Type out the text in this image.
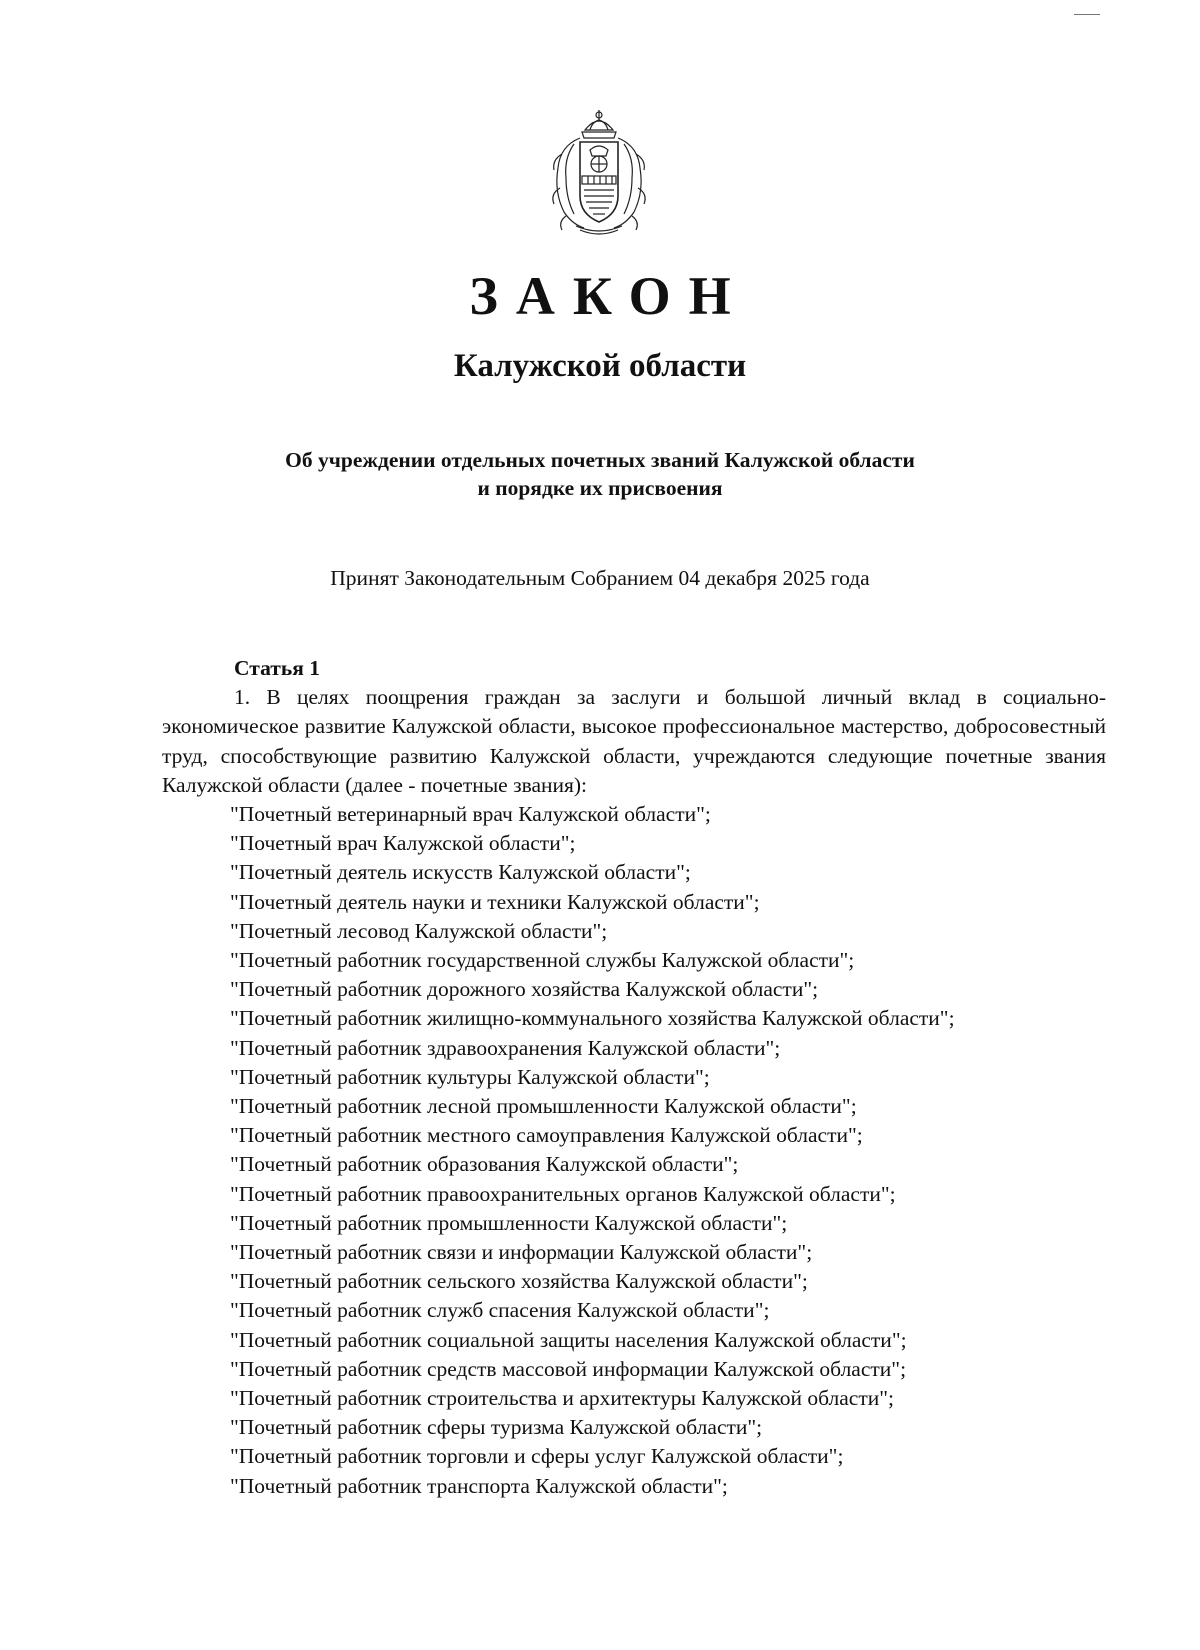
ЗАКОН
Калужской области
Об учреждении отдельных почетных званий Калужской области
и порядке их присвоения
Принят Законодательным Собранием 04 декабря 2025 года
Статья 1

1. В целях поощрения граждан за заслуги и большой личный вклад в социально-экономическое развитие Калужской области, высокое профессиональное мастерство, добросовестный труд, способствующие развитию Калужской области, учреждаются следующие почетные звания Калужской области (далее - почетные звания):

"Почетный ветеринарный врач Калужской области";
"Почетный врач Калужской области";
"Почетный деятель искусств Калужской области";
"Почетный деятель науки и техники Калужской области";
"Почетный лесовод Калужской области";
"Почетный работник государственной службы Калужской области";
"Почетный работник дорожного хозяйства Калужской области";
"Почетный работник жилищно-коммунального хозяйства Калужской области";
"Почетный работник здравоохранения Калужской области";
"Почетный работник культуры Калужской области";
"Почетный работник лесной промышленности Калужской области";
"Почетный работник местного самоуправления Калужской области";
"Почетный работник образования Калужской области";
"Почетный работник правоохранительных органов Калужской области";
"Почетный работник промышленности Калужской области";
"Почетный работник связи и информации Калужской области";
"Почетный работник сельского хозяйства Калужской области";
"Почетный работник служб спасения Калужской области";
"Почетный работник социальной защиты населения Калужской области";
"Почетный работник средств массовой информации Калужской области";
"Почетный работник строительства и архитектуры Калужской области";
"Почетный работник сферы туризма Калужской области";
"Почетный работник торговли и сферы услуг Калужской области";
"Почетный работник транспорта Калужской области";
